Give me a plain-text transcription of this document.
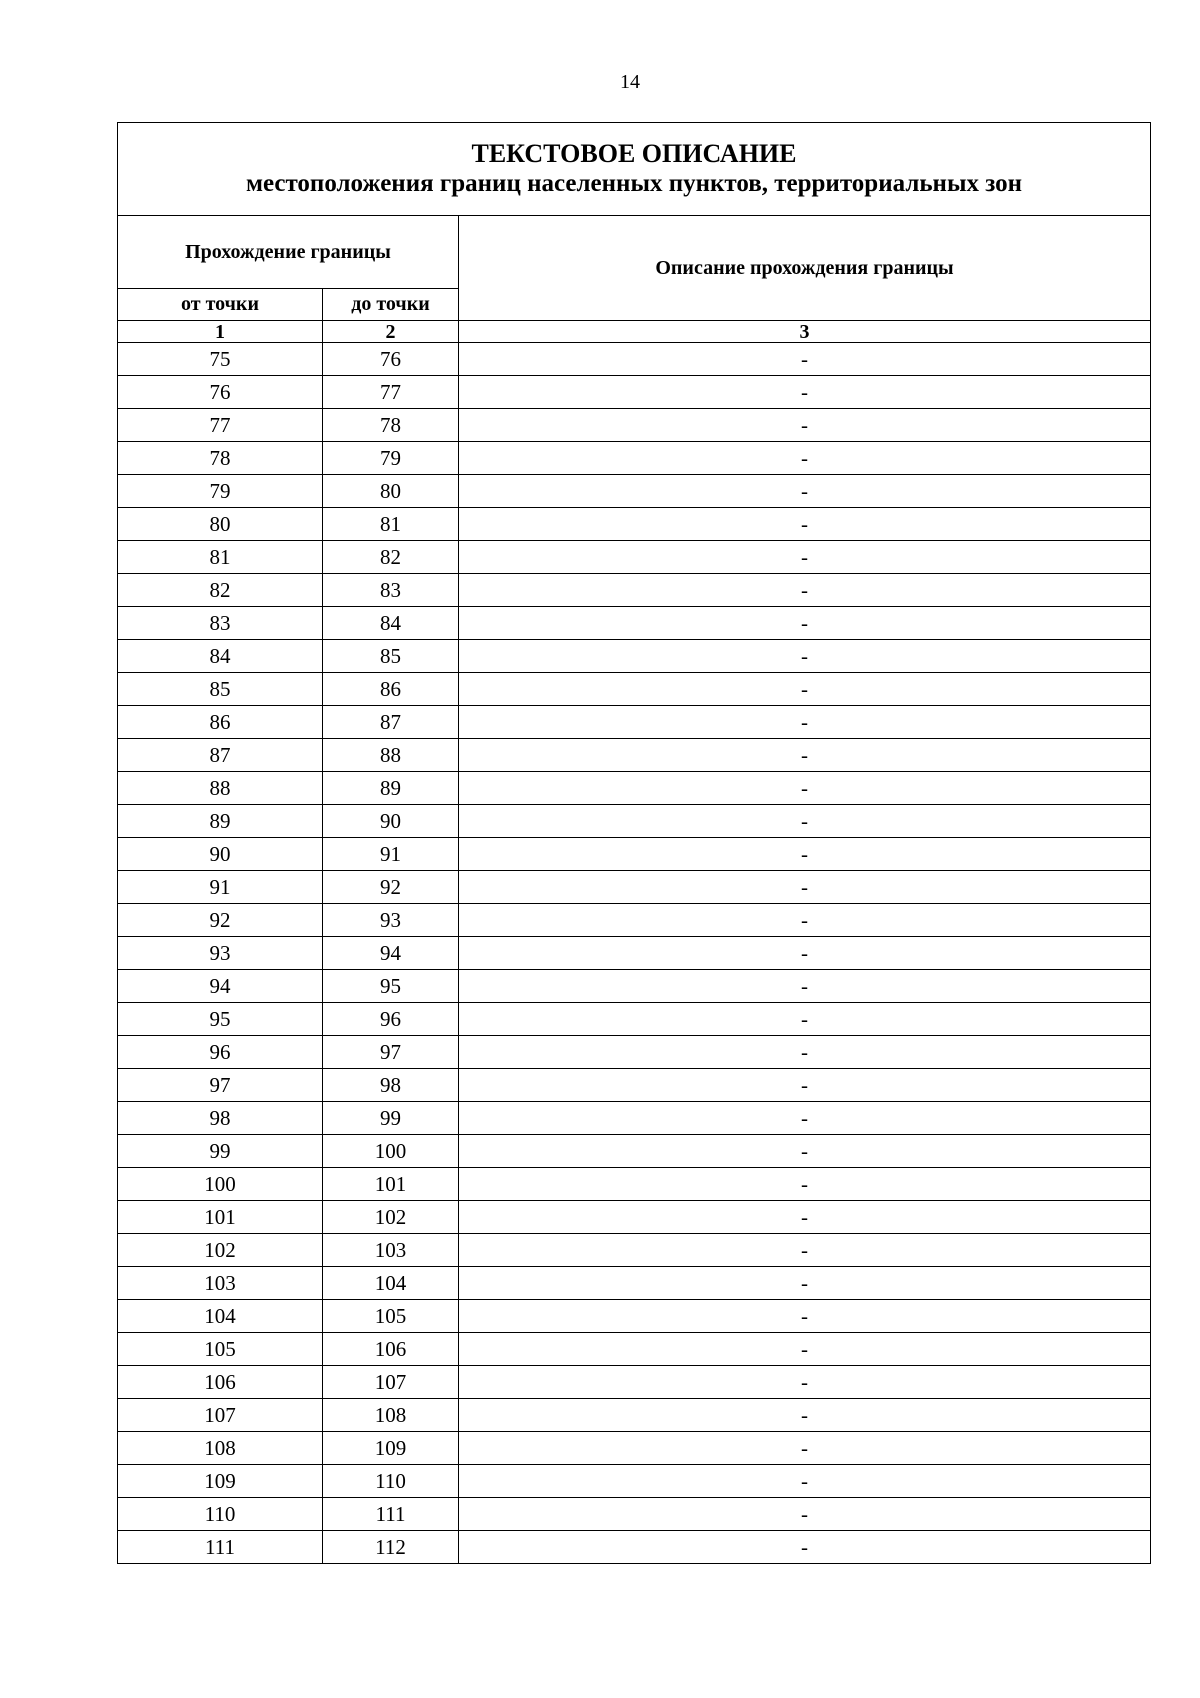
14
ТЕКСТОВОЕ ОПИСАНИЕ
местоположения границ населенных пунктов, территориальных зон		

Прохождение границы		Описание прохождения границы
от точки	до точки	
1	2	3
75	76	-
76	77	-
77	78	-
78	79	-
79	80	-
80	81	-
81	82	-
82	83	-
83	84	-
84	85	-
85	86	-
86	87	-
87	88	-
88	89	-
89	90	-
90	91	-
91	92	-
92	93	-
93	94	-
94	95	-
95	96	-
96	97	-
97	98	-
98	99	-
99	100	-
100	101	-
101	102	-
102	103	-
103	104	-
104	105	-
105	106	-
106	107	-
107	108	-
108	109	-
109	110	-
110	111	-
111	112	-
